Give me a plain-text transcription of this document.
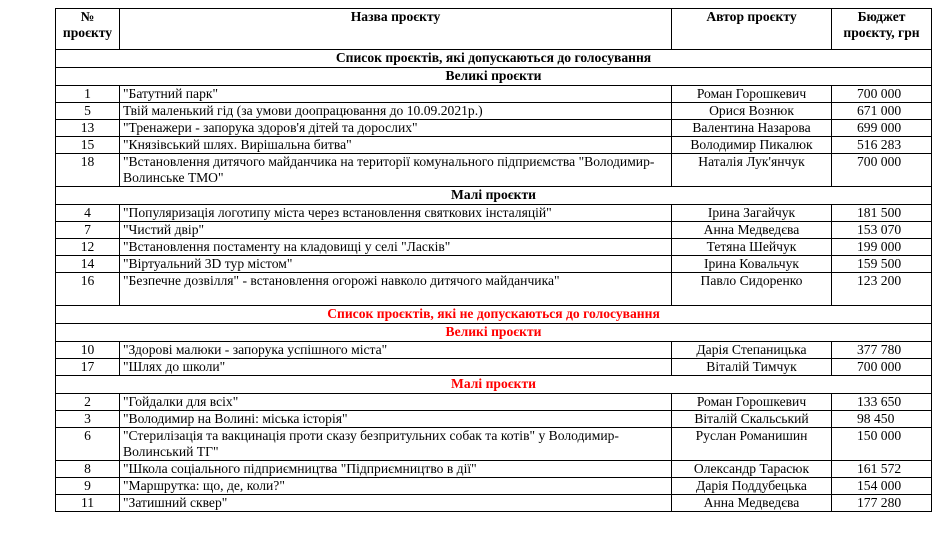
№ проєкту	Назва проєкту	Автор проєкту	Бюджет проєкту, грн
Список проєктів, які допускаються до голосування			
Великі проєкти			
1	"Батутний парк"	Роман Горошкевич	700 000
5	Твій маленький гід (за умови доопрацювання до 10.09.2021р.)	Орися Вознюк	671 000
13	"Тренажери - запорука здоров'я дітей та дорослих"	Валентина Назарова	699 000
15	"Князівський шлях. Вирішальна битва"	Володимир Пикалюк	516 283
18	"Встановлення дитячого майданчика на території комунального підприємства "Володимир-Волинське ТМО"	Наталія Лук'янчук	700 000
Малі проєкти			
4	"Популяризація логотипу міста через встановлення святкових інсталяцій"	Ірина Загайчук	181 500
7	"Чистий двір"	Анна Медведєва	153 070
12	"Встановлення постаменту на кладовищі у селі "Ласків"	Тетяна Шейчук	199 000
14	"Віртуальний 3D тур містом"	Ірина Ковальчук	159 500
16	"Безпечне дозвілля" - встановлення огорожі навколо дитячого майданчика"	Павло Сидоренко	123 200
Список проєктів, які не допускаються до голосування			
Великі проєкти			
10	"Здорові малюки - запорука успішного міста"	Дарія Степаницька	377 780
17	"Шлях до школи"	Віталій Тимчук	700 000
Малі проєкти			
2	"Гойдалки для всіх"	Роман Горошкевич	133 650
3	"Володимир на Волині: міська історія"	Віталій Скальський	98 450
6	"Стерилізація та вакцинація проти сказу безпритульних собак та котів" у Володимир-Волинський ТГ"	Руслан Романишин	150 000
8	"Школа соціального підприємництва "Підприємництво в дії"	Олександр Тарасюк	161 572
9	"Маршрутка: що, де, коли?"	Дарія Поддубецька	154 000
11	"Затишний сквер"	Анна Медведєва	177 280
